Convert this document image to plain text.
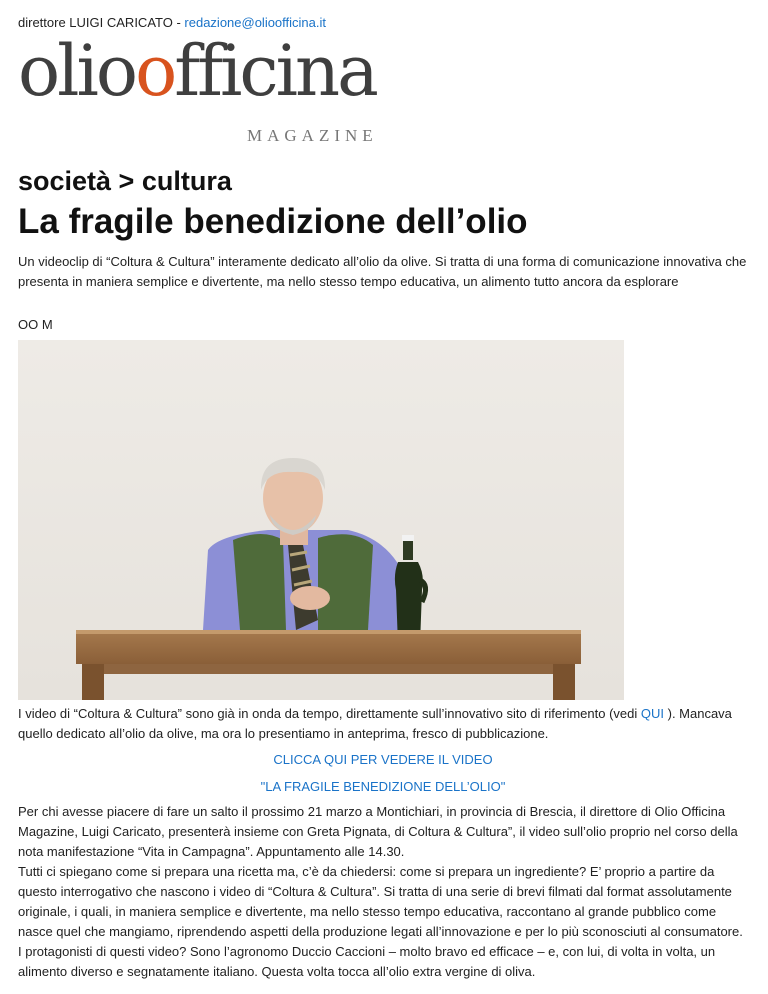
direttore LUIGI CARICATO - redazione@olioofficina.it
olioofficina
MAGAZINE
società > cultura
La fragile benedizione dell’olio
Un videoclip di “Coltura & Cultura” interamente dedicato all’olio da olive. Si tratta di una forma di comunicazione innovativa che presenta in maniera semplice e divertente, ma nello stesso tempo educativa, un alimento tutto ancora da esplorare
OO M
I video di “Coltura & Cultura” sono già in onda da tempo, direttamente sull’innovativo sito di riferimento (vedi QUI ). Mancava quello dedicato all’olio da olive, ma ora lo presentiamo in anteprima, fresco di pubblicazione.
CLICCA QUI PER VEDERE IL VIDEO
"LA FRAGILE BENEDIZIONE DELL’OLIO"
Per chi avesse piacere di fare un salto il prossimo 21 marzo a Montichiari, in provincia di Brescia, il direttore di Olio Officina Magazine, Luigi Caricato, presenterà insieme con Greta Pignata, di Coltura & Cultura”, il video sull’olio proprio nel corso della nota manifestazione “Vita in Campagna”. Appuntamento alle 14.30.
Tutti ci spiegano come si prepara una ricetta ma, c’è da chiedersi: come si prepara un ingrediente? E’ proprio a partire da questo interrogativo che nascono i video di “Coltura & Cultura”. Si tratta di una serie di brevi filmati dal format assolutamente originale, i quali, in maniera semplice e divertente, ma nello stesso tempo educativa, raccontano al grande pubblico come nasce quel che mangiamo, riprendendo aspetti della produzione legati all’innovazione e per lo più sconosciuti al consumatore. I protagonisti di questi video? Sono l’agronomo Duccio Caccioni – molto bravo ed efficace – e, con lui, di volta in volta, un alimento diverso e segnatamente italiano. Questa volta tocca all’olio extra vergine di oliva.
